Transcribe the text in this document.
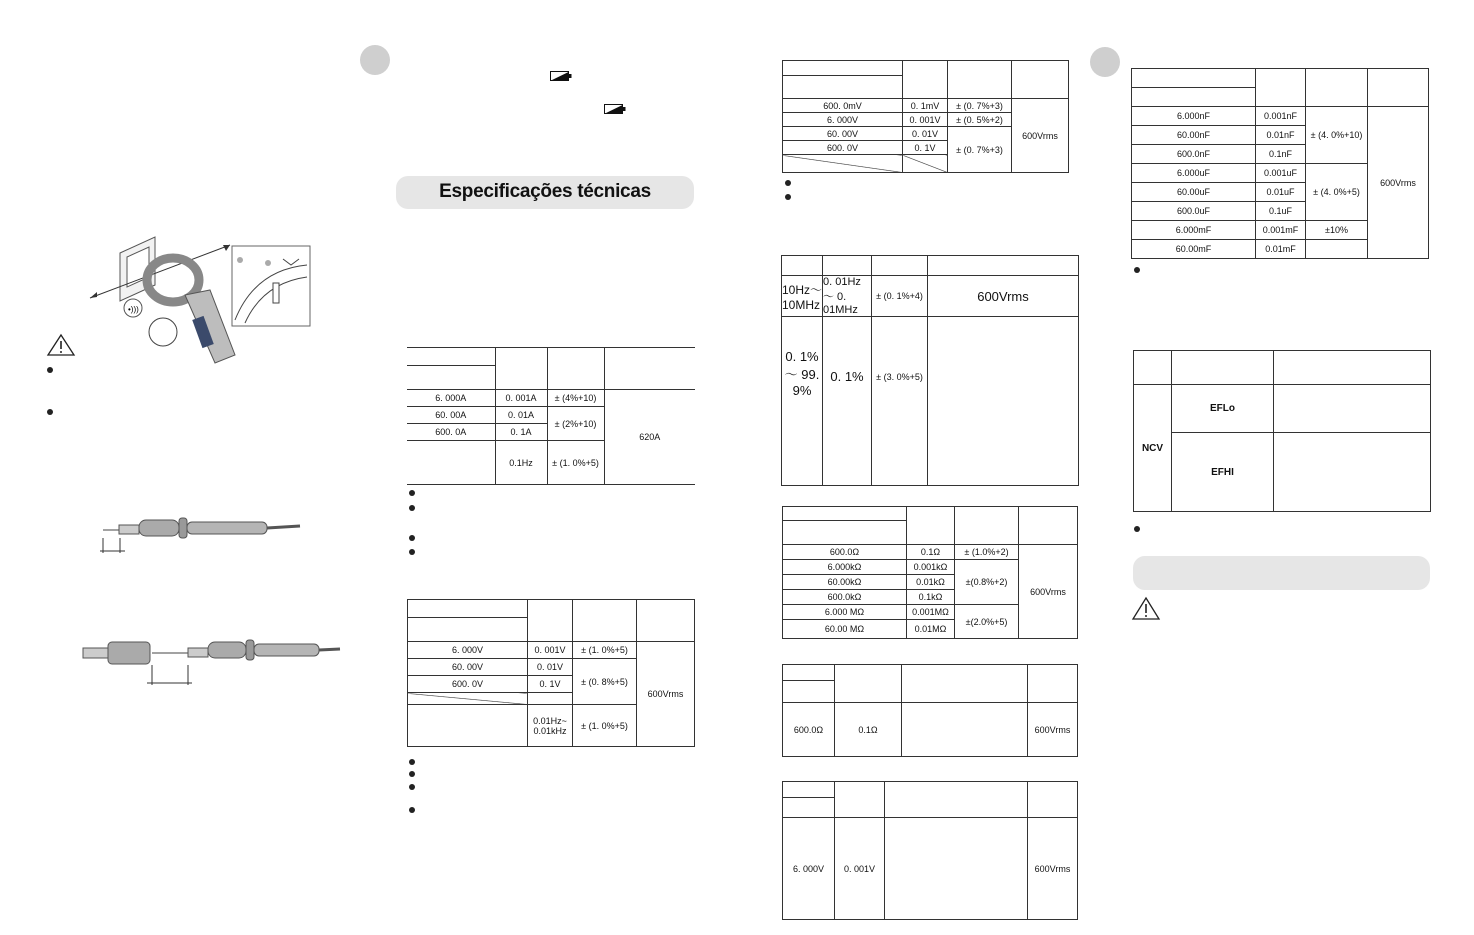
•)))
Especificações técnicas

6. 000A	0. 001A	± (4%+10)	620A
60. 00A	0. 01A	± (2%+10)	
600. 0A	0. 1A		
	0.1Hz	± (1. 0%+5)	

6. 000V	0. 001V	± (1. 0%+5)	600Vrms
60. 00V	0. 01V	± (0. 8%+5)	
600. 0V	0. 1V		

	0.01Hz~ 0.01kHz	± (1. 0%+5)	

600. 0mV	0. 1mV	± (0. 7%+3)	600Vrms
6. 000V	0. 001V	± (0. 5%+2)	
60. 00V	0. 01V	± (0. 7%+3)	
600. 0V	0. 1V		

10Hz～ 10MHz	0. 01Hz～ 0. 01MHz	± (0. 1%+4)	600Vrms
0. 1% ～ 99. 9%	0. 1%	± (3. 0%+5)	

600.0Ω	0.1Ω	± (1.0%+2)	600Vrms
6.000kΩ	0.001kΩ	±(0.8%+2)	
60.00kΩ	0.01kΩ		
600.0kΩ	0.1kΩ		
6.000 MΩ	0.001MΩ	±(2.0%+5)	
60.00 MΩ	0.01MΩ		

600.0Ω	0.1Ω		600Vrms

6. 000V	0. 001V		600Vrms

6.000nF	0.001nF	± (4. 0%+10)	600Vrms
60.00nF	0.01nF		
600.0nF	0.1nF		
6.000uF	0.001uF	± (4. 0%+5)	
60.00uF	0.01uF		
600.0uF	0.1uF		
6.000mF	0.001mF	±10%	
60.00mF	0.01mF		

NCV	EFLo	
	EFHI	
